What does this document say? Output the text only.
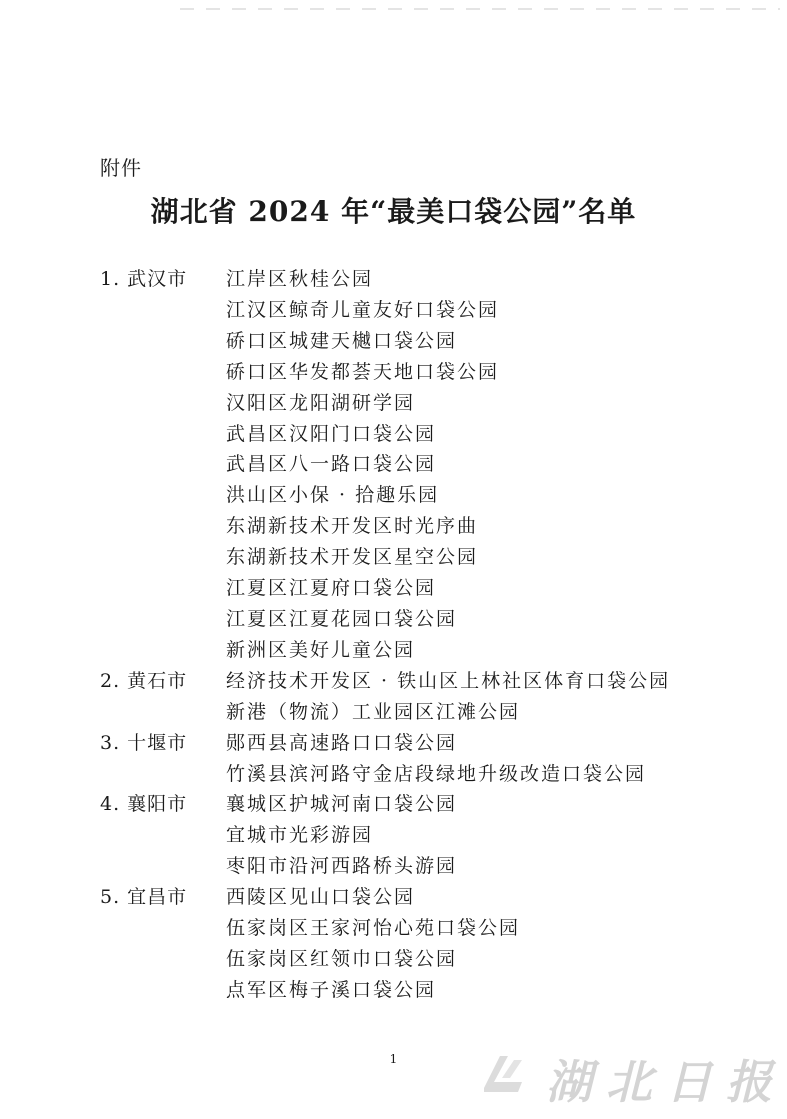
附件
湖北省 2024 年“最美口袋公园”名单
1. 武汉市	江岸区秋桂公园
江汉区鲸奇儿童友好口袋公园
硚口区城建天樾口袋公园
硚口区华发都荟天地口袋公园
汉阳区龙阳湖研学园
武昌区汉阳门口袋公园
武昌区八一路口袋公园
洪山区小保 · 拾趣乐园
东湖新技术开发区时光序曲
东湖新技术开发区星空公园
江夏区江夏府口袋公园
江夏区江夏花园口袋公园
新洲区美好儿童公园
2. 黄石市	经济技术开发区 · 铁山区上林社区体育口袋公园
新港（物流）工业园区江滩公园
3. 十堰市	郧西县高速路口口袋公园
竹溪县滨河路守金店段绿地升级改造口袋公园
4. 襄阳市	襄城区护城河南口袋公园
宜城市光彩游园
枣阳市沿河西路桥头游园
5. 宜昌市	西陵区见山口袋公园
伍家岗区王家河怡心苑口袋公园
伍家岗区红领巾口袋公园
点军区梅子溪口袋公园
1	湖北日报
